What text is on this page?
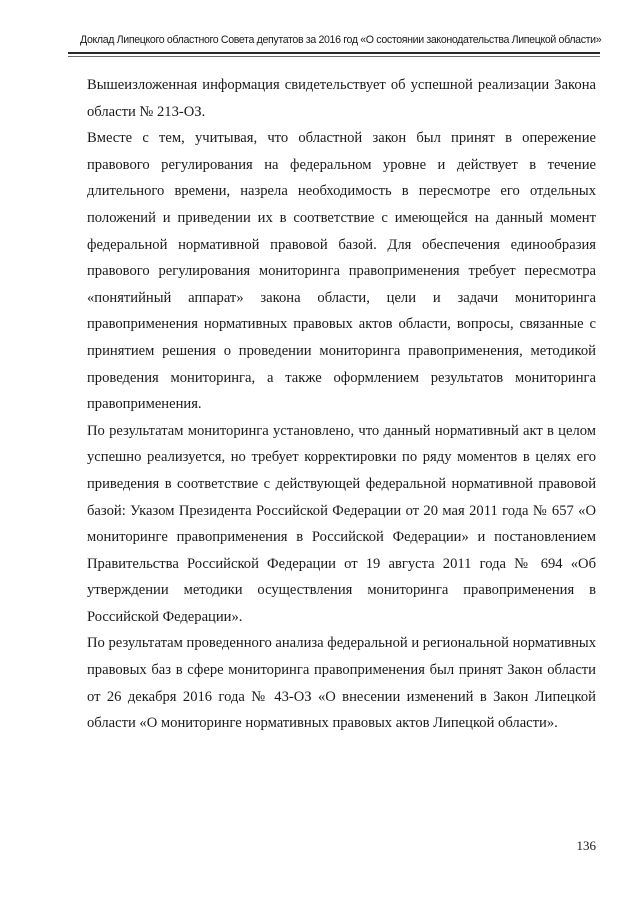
Доклад Липецкого областного Совета депутатов за 2016 год «О состоянии законодательства Липецкой области»

Вышеизложенная информация свидетельствует об успешной реализации Закона области № 213-ОЗ.

Вместе с тем, учитывая, что областной закон был принят в опережение правового регулирования на федеральном уровне и действует в течение длительного времени, назрела необходимость в пересмотре его отдельных положений и приведении их в соответствие с имеющейся на данный момент федеральной нормативной правовой базой. Для обеспечения единообразия правового регулирования мониторинга правоприменения требует пересмотра «понятийный аппарат» закона области, цели и задачи мониторинга правоприменения нормативных правовых актов области, вопросы, связанные с принятием решения о проведении мониторинга правоприменения, методикой проведения мониторинга, а также оформлением результатов мониторинга правоприменения.

По результатам мониторинга установлено, что данный нормативный акт в целом успешно реализуется, но требует корректировки по ряду моментов в целях его приведения в соответствие с действующей федеральной нормативной правовой базой: Указом Президента Российской Федерации от 20 мая 2011 года № 657 «О мониторинге правоприменения в Российской Федерации» и постановлением Правительства Российской Федерации от 19 августа 2011 года № 694 «Об утверждении методики осуществления мониторинга правоприменения в Российской Федерации».

По результатам проведенного анализа федеральной и региональной нормативных правовых баз в сфере мониторинга правоприменения был принят Закон области от 26 декабря 2016 года № 43-ОЗ «О внесении изменений в Закон Липецкой области «О мониторинге нормативных правовых актов Липецкой области».

136
